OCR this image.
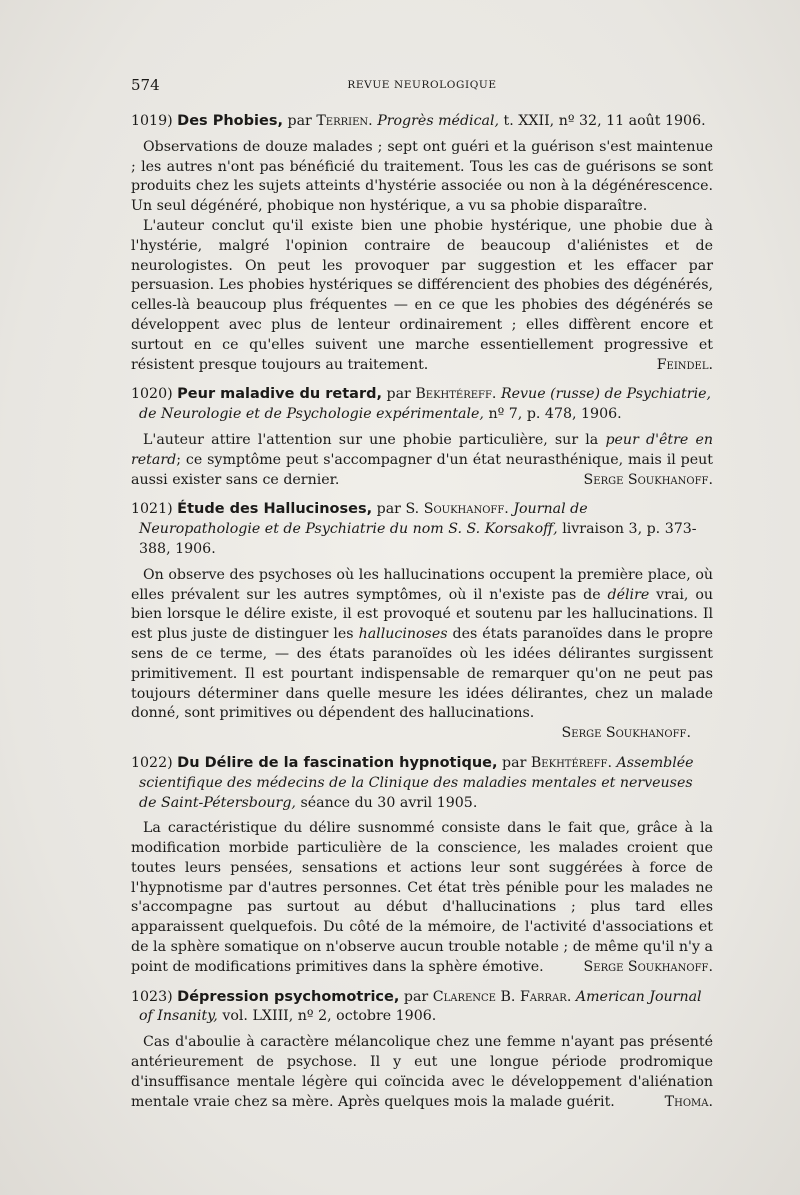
574	REVUE NEUROLOGIQUE
1019) Des Phobies, par Terrien. Progrès médical, t. XXII, nº 32, 11 août 1906.

Observations de douze malades ; sept ont guéri et la guérison s'est maintenue ; les autres n'ont pas bénéficié du traitement. Tous les cas de guérisons se sont produits chez les sujets atteints d'hystérie associée ou non à la dégénérescence. Un seul dégénéré, phobique non hystérique, a vu sa phobie disparaître.

L'auteur conclut qu'il existe bien une phobie hystérique, une phobie due à l'hystérie, malgré l'opinion contraire de beaucoup d'aliénistes et de neurologistes. On peut les provoquer par suggestion et les effacer par persuasion. Les phobies hystériques se différencient des phobies des dégénérés, celles-là beaucoup plus fréquentes — en ce que les phobies des dégénérés se développent avec plus de lenteur ordinairement ; elles diffèrent encore et surtout en ce qu'elles suivent une marche essentiellement progressive et résistent presque toujours au traitement.	Feindel.

1020) Peur maladive du retard, par Bekhtéreff. Revue (russe) de Psychiatrie, de Neurologie et de Psychologie expérimentale, nº 7, p. 478, 1906.

L'auteur attire l'attention sur une phobie particulière, sur la peur d'être en retard; ce symptôme peut s'accompagner d'un état neurasthénique, mais il peut aussi exister sans ce dernier.	Serge Soukhanoff.

1021) Étude des Hallucinoses, par S. Soukhanoff. Journal de Neuropathologie et de Psychiatrie du nom S. S. Korsakoff, livraison 3, p. 373-388, 1906.

On observe des psychoses où les hallucinations occupent la première place, où elles prévalent sur les autres symptômes, où il n'existe pas de délire vrai, ou bien lorsque le délire existe, il est provoqué et soutenu par les hallucinations. Il est plus juste de distinguer les hallucinoses des états paranoïdes dans le propre sens de ce terme, — des états paranoïdes où les idées délirantes surgissent primitivement. Il est pourtant indispensable de remarquer qu'on ne peut pas toujours déterminer dans quelle mesure les idées délirantes, chez un malade donné, sont primitives ou dépendent des hallucinations.

Serge Soukhanoff.
1022) Du Délire de la fascination hypnotique, par Bekhtéreff. Assemblée scientifique des médecins de la Clinique des maladies mentales et nerveuses de Saint-Pétersbourg, séance du 30 avril 1905.

La caractéristique du délire susnommé consiste dans le fait que, grâce à la modification morbide particulière de la conscience, les malades croient que toutes leurs pensées, sensations et actions leur sont suggérées à force de l'hypnotisme par d'autres personnes. Cet état très pénible pour les malades ne s'accompagne pas surtout au début d'hallucinations ; plus tard elles apparaissent quelquefois. Du côté de la mémoire, de l'activité d'associations et de la sphère somatique on n'observe aucun trouble notable ; de même qu'il n'y a point de modifications primitives dans la sphère émotive.	Serge Soukhanoff.

1023) Dépression psychomotrice, par Clarence B. Farrar. American Journal of Insanity, vol. LXIII, nº 2, octobre 1906.

Cas d'aboulie à caractère mélancolique chez une femme n'ayant pas présenté antérieurement de psychose. Il y eut une longue période prodromique d'insuffisance mentale légère qui coïncida avec le développement d'aliénation mentale vraie chez sa mère. Après quelques mois la malade guérit.	Thoma.
